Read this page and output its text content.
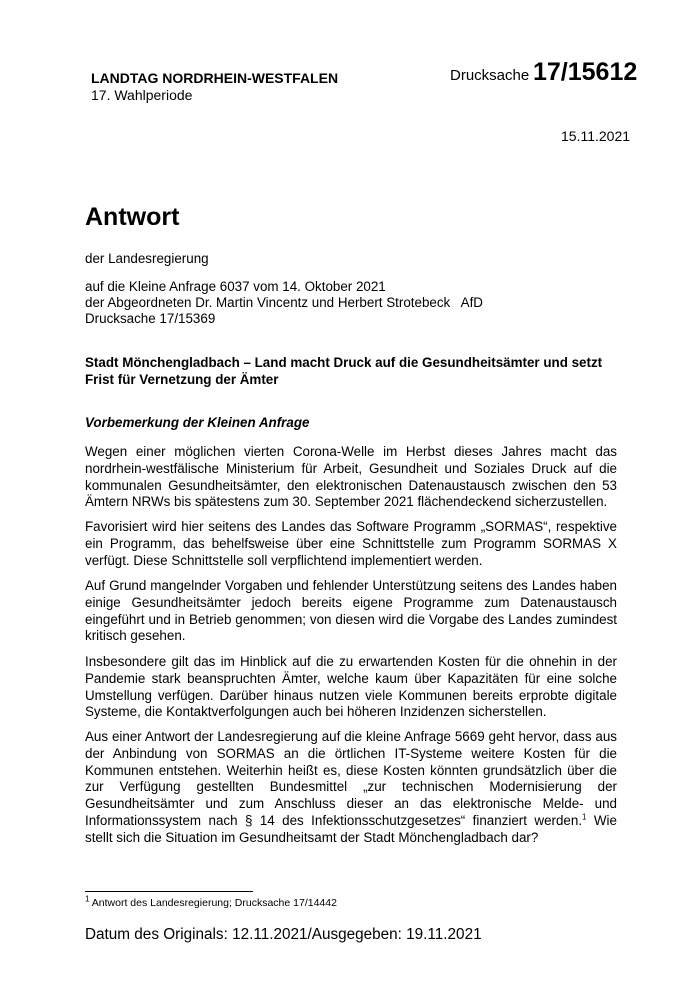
LANDTAG NORDRHEIN-WESTFALEN
17. Wahlperiode
Drucksache 17/15612
15.11.2021
Antwort
der Landesregierung
auf die Kleine Anfrage 6037 vom 14. Oktober 2021
der Abgeordneten Dr. Martin Vincentz und Herbert Strotebeck   AfD
Drucksache 17/15369
Stadt Mönchengladbach – Land macht Druck auf die Gesundheitsämter und setzt Frist für Vernetzung der Ämter
Vorbemerkung der Kleinen Anfrage
Wegen einer möglichen vierten Corona-Welle im Herbst dieses Jahres macht das nordrhein-westfälische Ministerium für Arbeit, Gesundheit und Soziales Druck auf die kommunalen Gesundheitsämter, den elektronischen Datenaustausch zwischen den 53 Ämtern NRWs bis spätestens zum 30. September 2021 flächendeckend sicherzustellen.
Favorisiert wird hier seitens des Landes das Software Programm „SORMAS“, respektive ein Programm, das behelfsweise über eine Schnittstelle zum Programm SORMAS X verfügt. Diese Schnittstelle soll verpflichtend implementiert werden.
Auf Grund mangelnder Vorgaben und fehlender Unterstützung seitens des Landes haben einige Gesundheitsämter jedoch bereits eigene Programme zum Datenaustausch eingeführt und in Betrieb genommen; von diesen wird die Vorgabe des Landes zumindest kritisch gesehen.
Insbesondere gilt das im Hinblick auf die zu erwartenden Kosten für die ohnehin in der Pandemie stark beanspruchten Ämter, welche kaum über Kapazitäten für eine solche Umstellung verfügen. Darüber hinaus nutzen viele Kommunen bereits erprobte digitale Systeme, die Kontaktverfolgungen auch bei höheren Inzidenzen sicherstellen.
Aus einer Antwort der Landesregierung auf die kleine Anfrage 5669 geht hervor, dass aus der Anbindung von SORMAS an die örtlichen IT-Systeme weitere Kosten für die Kommunen entstehen. Weiterhin heißt es, diese Kosten könnten grundsätzlich über die zur Verfügung gestellten Bundesmittel „zur technischen Modernisierung der Gesundheitsämter und zum Anschluss dieser an das elektronische Melde- und Informationssystem nach § 14 des Infektionsschutzgesetzes“ finanziert werden.$^1$ Wie stellt sich die Situation im Gesundheitsamt der Stadt Mönchengladbach dar?
$^1$ Antwort des Landesregierung; Drucksache 17/14442
Datum des Originals: 12.11.2021/Ausgegeben: 19.11.2021
